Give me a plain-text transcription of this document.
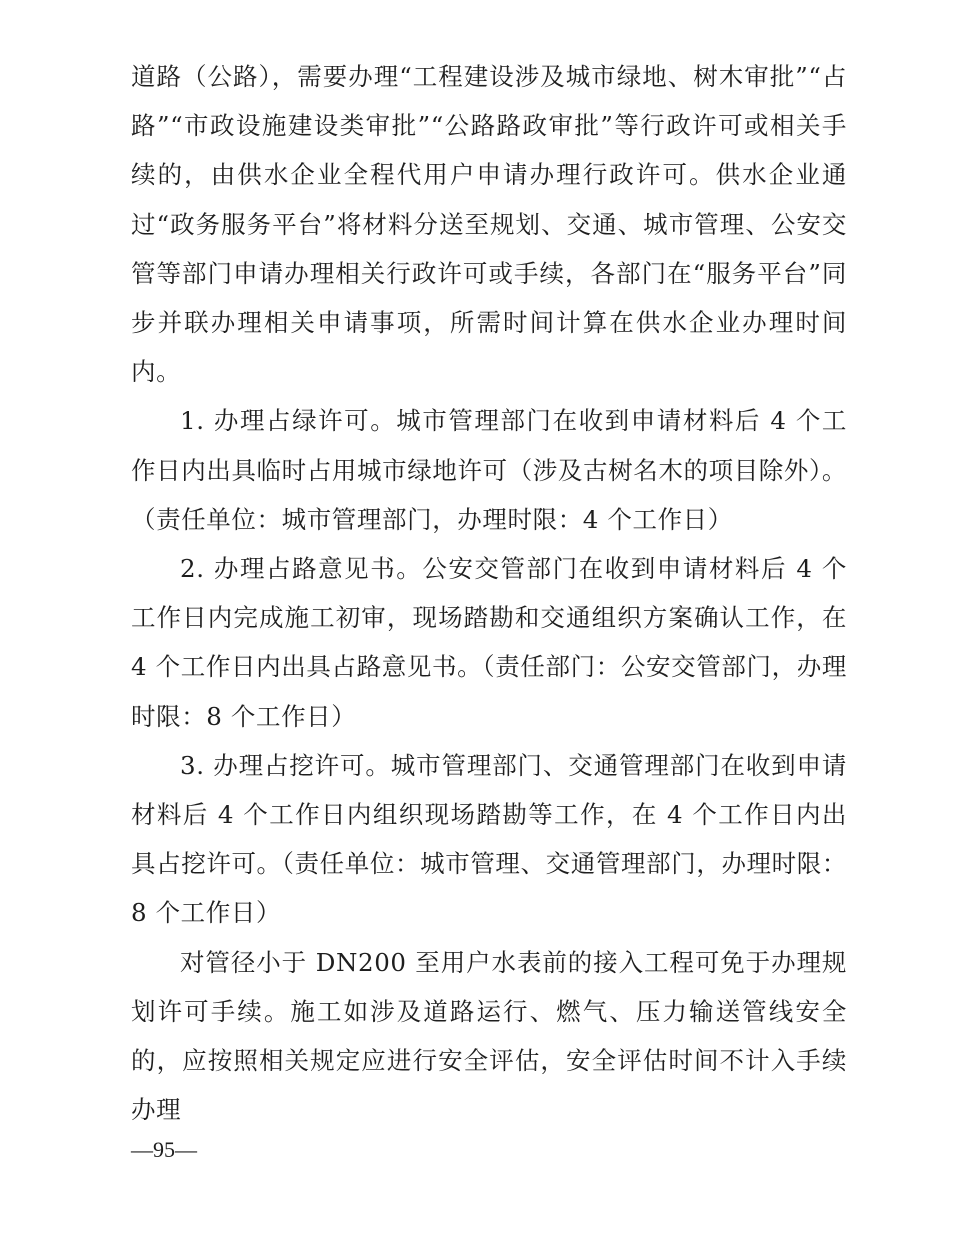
道路（公路），需要办理“工程建设涉及城市绿地、树木审批”“占路”“市政设施建设类审批”“公路路政审批”等行政许可或相关手续的，由供水企业全程代用户申请办理行政许可。供水企业通过“政务服务平台”将材料分送至规划、交通、城市管理、公安交管等部门申请办理相关行政许可或手续，各部门在“服务平台”同步并联办理相关申请事项，所需时间计算在供水企业办理时间内。

1. 办理占绿许可。城市管理部门在收到申请材料后 4 个工作日内出具临时占用城市绿地许可（涉及古树名木的项目除外）。（责任单位：城市管理部门，办理时限：4 个工作日）

2. 办理占路意见书。公安交管部门在收到申请材料后 4 个工作日内完成施工初审，现场踏勘和交通组织方案确认工作，在 4 个工作日内出具占路意见书。（责任部门：公安交管部门，办理时限：8 个工作日）

3. 办理占挖许可。城市管理部门、交通管理部门在收到申请材料后 4 个工作日内组织现场踏勘等工作，在 4 个工作日内出具占挖许可。（责任单位：城市管理、交通管理部门，办理时限：8 个工作日）

对管径小于 DN200 至用户水表前的接入工程可免于办理规划许可手续。施工如涉及道路运行、燃气、压力输送管线安全的，应按照相关规定应进行安全评估，安全评估时间不计入手续办理

—95—
